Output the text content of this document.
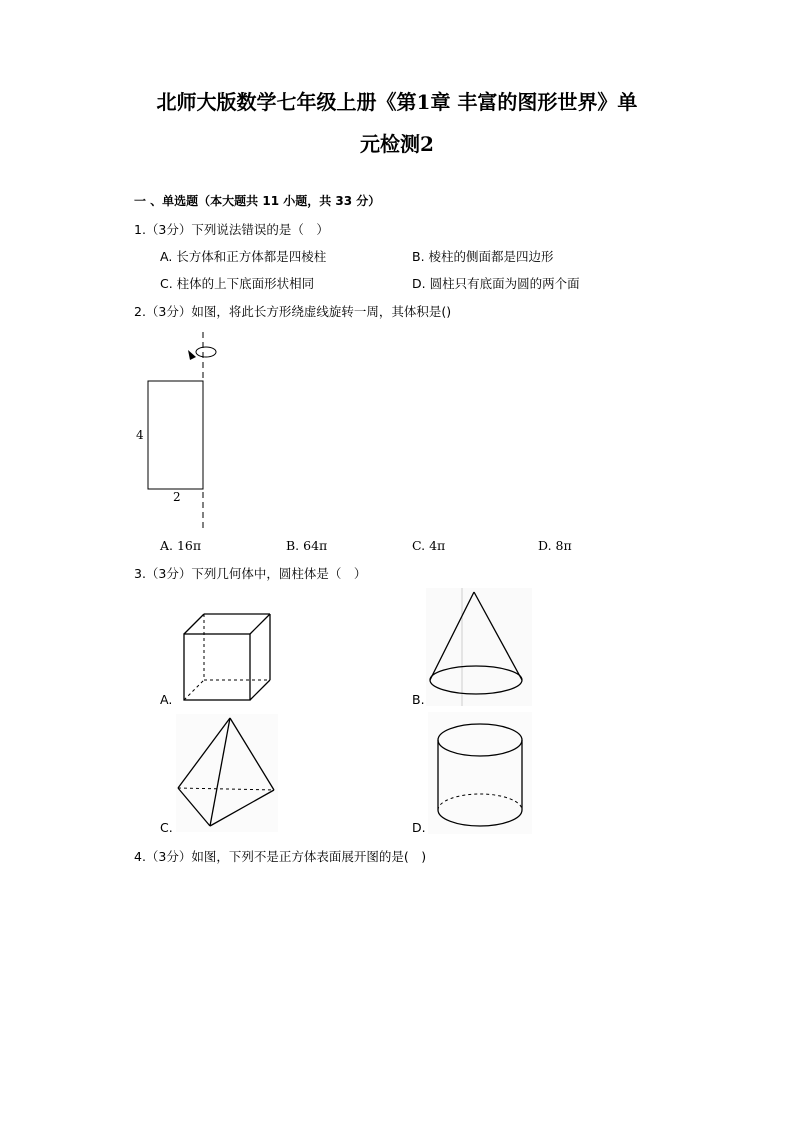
北师大版数学七年级上册《第1章 丰富的图形世界》单
元检测2
一 、单选题（本大题共 11 小题，共 33 分）
1.（3分）下列说法错误的是（　）
A. 长方体和正方体都是四棱柱	B. 棱柱的侧面都是四边形
C. 柱体的上下底面形状相同	D. 圆柱只有底面为圆的两个面
2.（3分）如图，将此长方形绕虚线旋转一周，其体积是()
4
2
A. 16π	B. 64π	C. 4π	D. 8π
3.（3分）下列几何体中，圆柱体是（　）
A.	B.
C.	D.
4.（3分）如图，下列不是正方体表面展开图的是(　)
